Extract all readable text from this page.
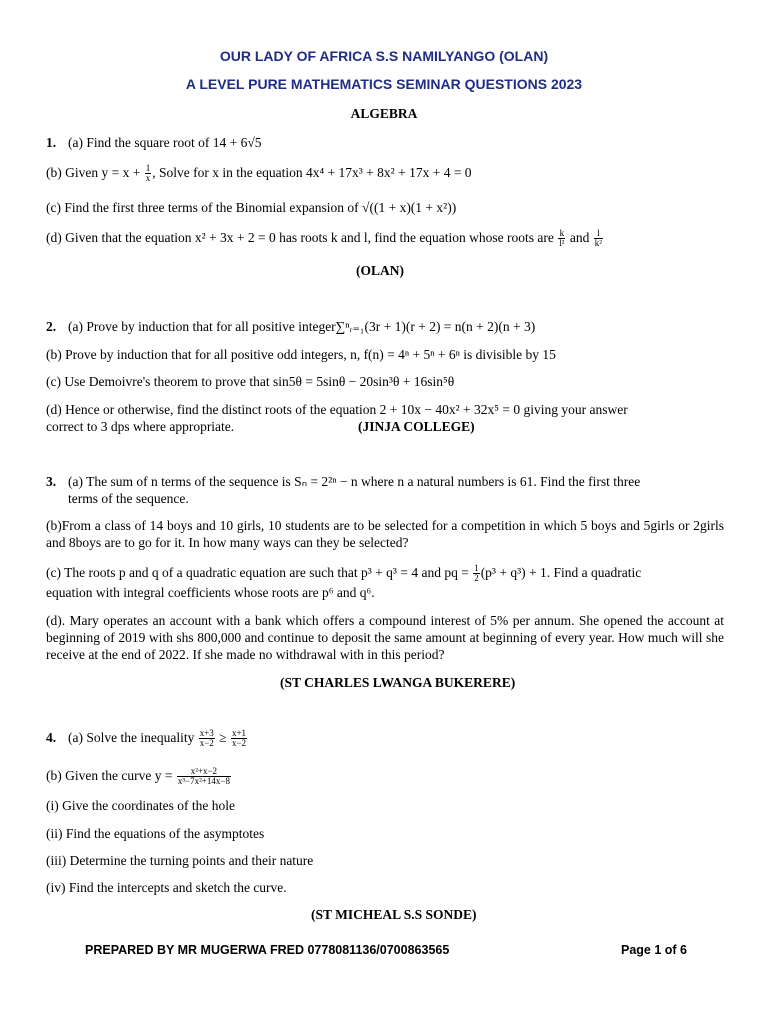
OUR LADY OF AFRICA S.S NAMILYANGO (OLAN)
A LEVEL PURE MATHEMATICS SEMINAR QUESTIONS 2023
ALGEBRA
1. (a) Find the square root of 14 + 6√5
(b) Given $y = x + \frac{1}{x}$ , Solve for x in the equation 4x⁴ + 17x³ + 8x² + 17x + 4 = 0
(c) Find the first three terms of the Binomial expansion of √((1 + x)(1 + x²))
(d) Given that the equation x² + 3x + 2 = 0 has roots k and l, find the equation whose roots are $\frac{k}{\text{l²}}$ and $\frac{l}{\text{k²}}$
(OLAN)
2. (a) Prove by induction that for all positive integer∑ⁿᵣ₌₁(3r + 1)(r + 2) = n(n + 2)(n + 3)
(b) Prove by induction that for all positive odd integers, n, f(n) = 4ⁿ + 5ⁿ + 6ⁿ is divisible by 15
(c) Use Demoivre's theorem to prove that sin5θ = 5sinθ − 20sin³θ + 16sin⁵θ
(d) Hence or otherwise, find the distinct roots of the equation 2 + 10x − 40x² + 32x⁵ = 0 giving your answer
correct to 3 dps where appropriate.	(JINJA COLLEGE)
3. (a) The sum of n terms of the sequence is Sₙ = 2²ⁿ − n where n a natural numbers is 61. Find the first three
terms of the sequence.
(b)From a class of 14 boys and 10 girls, 10 students are to be selected for a competition in which 5 boys and 5girls or 2girls and 8boys are to go for it. In how many ways can they be selected?
(c) The roots p and q of a quadratic equation are such that p³ + q³ = 4 and pq = $\frac{1}{2} (p^3 + q^3) + 1$. Find a quadratic
equation with integral coefficients whose roots are p⁶ and q⁶.
(d). Mary operates an account with a bank which offers a compound interest of 5% per annum. She opened the account at beginning of 2019 with shs 800,000 and continue to deposit the same amount at beginning of every year. How much will she receive at the end of 2022. If she made no withdrawal with in this period?
(ST CHARLES LWANGA BUKERERE)
4. (a) Solve the inequality $\frac{x+3}{x-2} \ge \frac{x+1}{x-2}$
(b) Given the curve $y = \frac{\text{x²+x−2}}{\text{x³−7x²+14x−8}}$
(i) Give the coordinates of the hole
(ii) Find the equations of the asymptotes
(iii) Determine the turning points and their nature
(iv) Find the intercepts and sketch the curve.
(ST MICHEAL S.S SONDE)
PREPARED BY MR MUGERWA FRED 0778081136/0700863565	Page 1 of 6
